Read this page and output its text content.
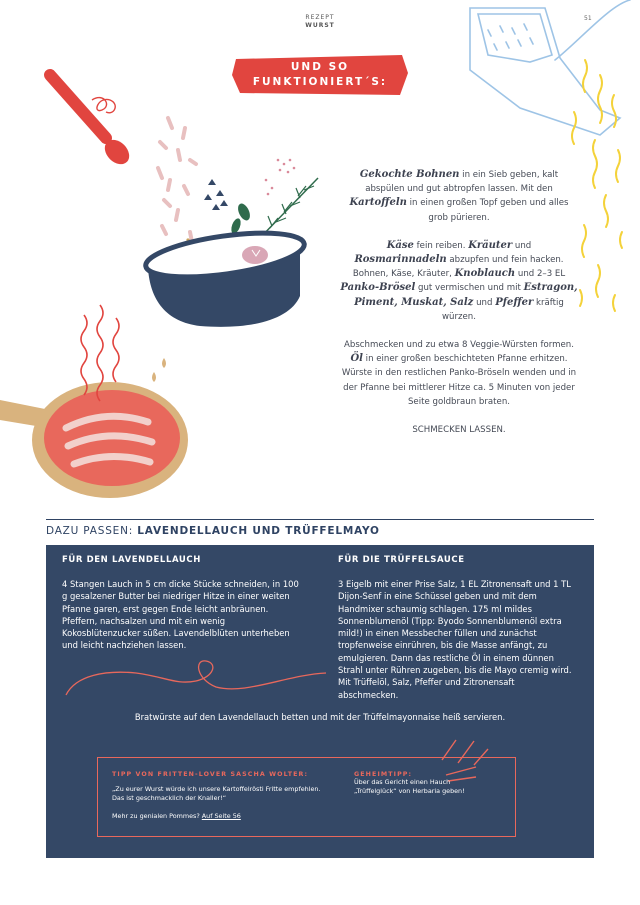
REZEPT
WURST
51
UND SO
FUNKTIONIERT´S:

Gekochte Bohnen in ein Sieb geben, kalt abspülen und gut abtropfen lassen. Mit den Kartoffeln in einen großen Topf geben und alles grob pürieren.

Käse fein reiben. Kräuter und Rosmarinnadeln abzupfen und fein hacken. Bohnen, Käse, Kräuter, Knoblauch und 2–3 EL Panko-Brösel gut vermischen und mit Estragon, Piment, Muskat, Salz und Pfeffer kräftig würzen.

Abschmecken und zu etwa 8 Veggie-Würsten formen. Öl in einer großen beschichteten Pfanne erhitzen. Würste in den restlichen Panko-Bröseln wenden und in der Pfanne bei mittlerer Hitze ca. 5 Minuten von jeder Seite goldbraun braten.

SCHMECKEN LASSEN.

DAZU PASSEN: LAVENDELLAUCH UND TRÜFFELMAYO
FÜR DEN LAVENDELLAUCH
4 Stangen Lauch in 5 cm dicke Stücke schneiden, in 100 g gesalzener Butter bei niedriger Hitze in einer weiten Pfanne garen, erst gegen Ende leicht anbräunen. Pfeffern, nachsalzen und mit ein wenig Kokosblütenzucker süßen. Lavendelblüten unterheben und leicht nachziehen lassen.
FÜR DIE TRÜFFELSAUCE
3 Eigelb mit einer Prise Salz, 1 EL Zitronensaft und 1 TL Dijon-Senf in eine Schüssel geben und mit dem Handmixer schaumig schlagen. 175 ml mildes Sonnenblumenöl (Tipp: Byodo Sonnenblumenöl extra mild!) in einen Messbecher füllen und zunächst tropfenweise einrühren, bis die Masse anfängt, zu emulgieren. Dann das restliche Öl in einem dünnen Strahl unter Rühren zugeben, bis die Mayo cremig wird. Mit Trüffelöl, Salz, Pfeffer und Zitronensaft abschmecken.
Bratwürste auf den Lavendellauch betten und mit der Trüffelmayonnaise heiß servieren.
TIPP VON FRITTEN-LOVER SASCHA WOLTER:
„Zu eurer Wurst würde ich unsere Kartoffelrösti Fritte empfehlen. Das ist geschmacklich der Knaller!“
Mehr zu genialen Pommes? Auf Seite 56
GEHEIMTIPP:
Über das Gericht einen Hauch „Trüffelglück“ von Herbaria geben!
